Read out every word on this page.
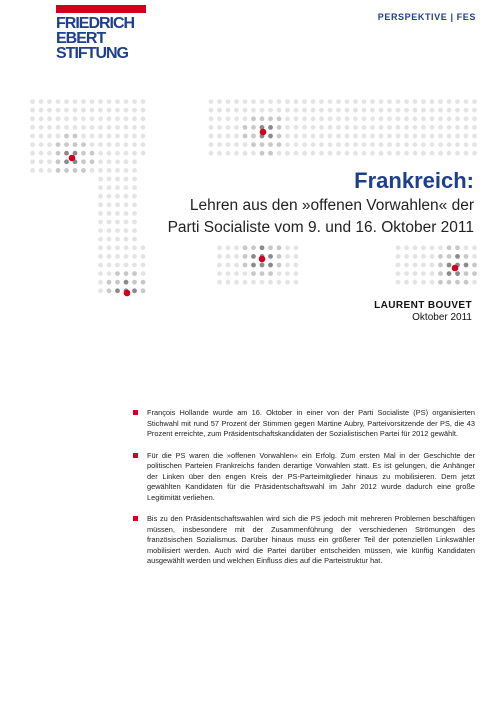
FRIEDRICH
EBERT
STIFTUNG
PERSPEKTIVE | FES
Frankreich:
Lehren aus den »offenen Vorwahlen« der
Parti Socialiste vom 9. und 16. Oktober 2011
LAURENT BOUVET
Oktober 2011
François Hollande wurde am 16. Oktober in einer von der Parti Socialiste (PS) organisierten Stichwahl mit rund 57 Prozent der Stimmen gegen Martine Aubry, Parteivorsitzende der PS, die 43 Prozent erreichte, zum Präsidentschaftskandidaten der Sozialistischen Partei für 2012 gewählt.
Für die PS waren die »offenen Vorwahlen« ein Erfolg. Zum ersten Mal in der Geschichte der politischen Parteien Frankreichs fanden derartige Vorwahlen statt. Es ist gelungen, die Anhänger der Linken über den engen Kreis der PS-Parteimitglieder hinaus zu mobilisieren. Dem jetzt gewählten Kandidaten für die Präsidentschaftswahl im Jahr 2012 wurde dadurch eine große Legitimität verliehen.
Bis zu den Präsidentschaftswahlen wird sich die PS jedoch mit mehreren Problemen beschäftigen müssen, insbesondere mit der Zusammenführung der verschiedenen Strömungen des französischen Sozialismus. Darüber hinaus muss ein größerer Teil der potenziellen Linkswähler mobilisiert werden. Auch wird die Partei darüber entscheiden müssen, wie künftig Kandidaten ausgewählt werden und welchen Einfluss dies auf die Parteistruktur hat.
